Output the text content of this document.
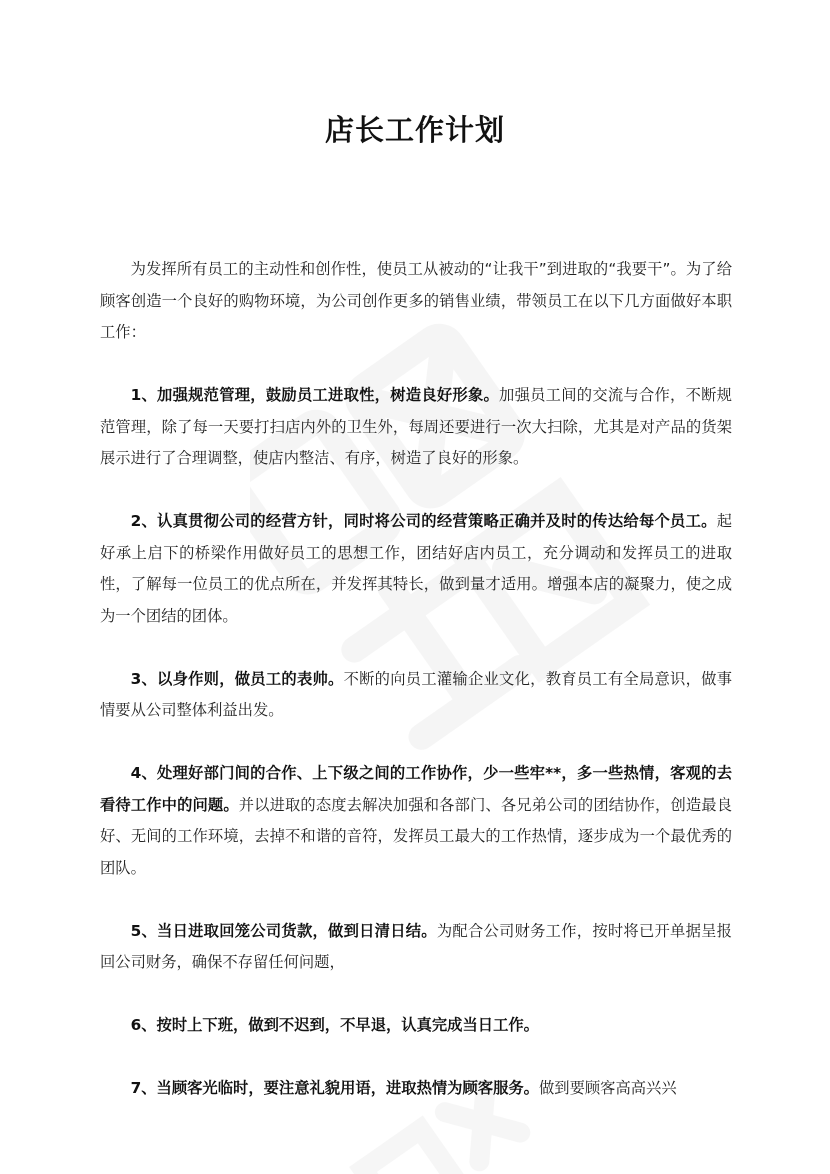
店长工作计划

为发挥所有员工的主动性和创作性，使员工从被动的“让我干”到进取的“我要干”。为了给顾客创造一个良好的购物环境，为公司创作更多的销售业绩，带领员工在以下几方面做好本职工作：

1、加强规范管理，鼓励员工进取性，树造良好形象。加强员工间的交流与合作，不断规范管理，除了每一天要打扫店内外的卫生外，每周还要进行一次大扫除，尤其是对产品的货架展示进行了合理调整，使店内整洁、有序，树造了良好的形象。

2、认真贯彻公司的经营方针，同时将公司的经营策略正确并及时的传达给每个员工。起好承上启下的桥梁作用做好员工的思想工作，团结好店内员工，充分调动和发挥员工的进取性，了解每一位员工的优点所在，并发挥其特长，做到量才适用。增强本店的凝聚力，使之成为一个团结的团体。

3、以身作则，做员工的表帅。不断的向员工灌输企业文化，教育员工有全局意识，做事情要从公司整体利益出发。

4、处理好部门间的合作、上下级之间的工作协作，少一些牢**，多一些热情，客观的去看待工作中的问题。并以进取的态度去解决加强和各部门、各兄弟公司的团结协作，创造最良好、无间的工作环境，去掉不和谐的音符，发挥员工最大的工作热情，逐步成为一个最优秀的团队。

5、当日进取回笼公司货款，做到日清日结。为配合公司财务工作，按时将已开单据呈报回公司财务，确保不存留任何问题，

6、按时上下班，做到不迟到，不早退，认真完成当日工作。

7、当顾客光临时，要注意礼貌用语，进取热情为顾客服务。做到要顾客高高兴兴
